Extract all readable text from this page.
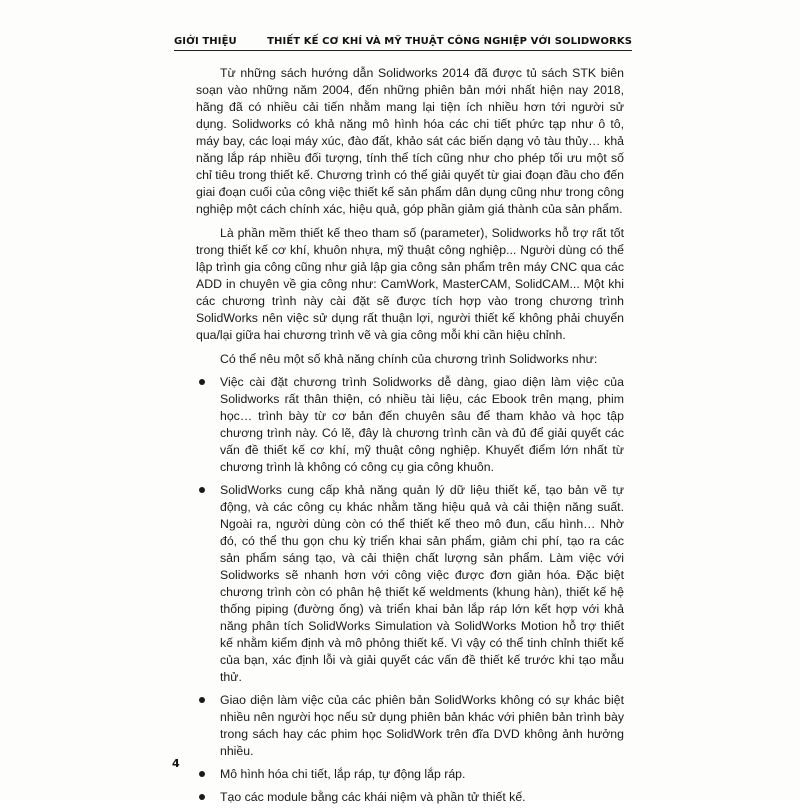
GIỚI THIỆU	THIẾT KẾ CƠ KHÍ VÀ MỸ THUẬT CÔNG NGHIỆP VỚI SOLIDWORKS

Từ những sách hướng dẫn Solidworks 2014 đã được tủ sách STK biên soạn vào những năm 2004, đến những phiên bản mới nhất hiện nay 2018, hãng đã có nhiều cải tiến nhằm mang lại tiện ích nhiều hơn tới người sử dụng. Solidworks có khả năng mô hình hóa các chi tiết phức tạp như ô tô, máy bay, các loại máy xúc, đào đất, khảo sát các biến dạng vỏ tàu thủy… khả năng lắp ráp nhiều đối tượng, tính thể tích cũng như cho phép tối ưu một số chỉ tiêu trong thiết kế. Chương trình có thể giải quyết từ giai đoạn đầu cho đến giai đoạn cuối của công việc thiết kế sản phẩm dân dụng cũng như trong công nghiệp một cách chính xác, hiệu quả, góp phần giảm giá thành của sản phẩm.

Là phần mềm thiết kế theo tham số (parameter), Solidworks hỗ trợ rất tốt trong thiết kế cơ khí, khuôn nhựa, mỹ thuật công nghiệp... Người dùng có thể lập trình gia công cũng như giả lập gia công sản phẩm trên máy CNC qua các ADD in chuyên về gia công như: CamWork, MasterCAM, SolidCAM... Một khi các chương trình này cài đặt sẽ được tích hợp vào trong chương trình SolidWorks nên việc sử dụng rất thuận lợi, người thiết kế không phải chuyển qua/lại giữa hai chương trình vẽ và gia công mỗi khi cần hiệu chỉnh.

Có thể nêu một số khả năng chính của chương trình Solidworks như:

Việc cài đặt chương trình Solidworks dễ dàng, giao diện làm việc của Solidworks rất thân thiện, có nhiều tài liệu, các Ebook trên mạng, phim học… trình bày từ cơ bản đến chuyên sâu để tham khảo và học tập chương trình này. Có lẽ, đây là chương trình cần và đủ để giải quyết các vấn đề thiết kế cơ khí, mỹ thuật công nghiệp. Khuyết điểm lớn nhất từ chương trình là không có công cụ gia công khuôn.
SolidWorks cung cấp khả năng quản lý dữ liệu thiết kế, tạo bản vẽ tự động, và các công cụ khác nhằm tăng hiệu quả và cải thiện năng suất. Ngoài ra, người dùng còn có thể thiết kế theo mô đun, cấu hình… Nhờ đó, có thể thu gọn chu kỳ triển khai sản phẩm, giảm chi phí, tạo ra các sản phẩm sáng tạo, và cải thiện chất lượng sản phẩm. Làm việc với Solidworks sẽ nhanh hơn với công việc được đơn giản hóa. Đặc biệt chương trình còn có phân hệ thiết kế weldments (khung hàn), thiết kế hệ thống piping (đường ống) và triển khai bản lắp ráp lớn kết hợp với khả năng phân tích SolidWorks Simulation và SolidWorks Motion hỗ trợ thiết kế nhằm kiểm định và mô phỏng thiết kế. Vì vậy có thể tinh chỉnh thiết kế của bạn, xác định lỗi và giải quyết các vấn đề thiết kế trước khi tạo mẫu thử.
Giao diện làm việc của các phiên bản SolidWorks không có sự khác biệt nhiều nên người học nếu sử dụng phiên bản khác với phiên bản trình bày trong sách hay các phim học SolidWork trên đĩa DVD không ảnh hưởng nhiều.
Mô hình hóa chi tiết, lắp ráp, tự động lắp ráp.
Tạo các module bằng các khái niệm và phần tử thiết kế.
4
